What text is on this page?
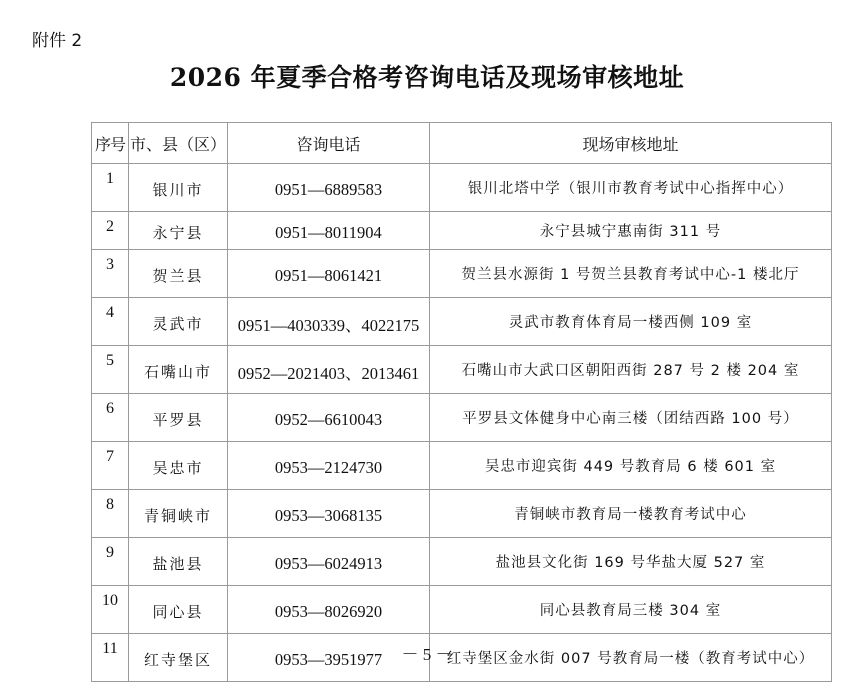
附件 2
2026 年夏季合格考咨询电话及现场审核地址
序号	市、县（区）	咨询电话	现场审核地址
1	银川市	0951—6889583	银川北塔中学（银川市教育考试中心指挥中心）
2	永宁县	0951—8011904	永宁县城宁惠南街 311 号
3	贺兰县	0951—8061421	贺兰县水源街 1 号贺兰县教育考试中心-1 楼北厅
4	灵武市	0951—4030339、4022175	灵武市教育体育局一楼西侧 109 室
5	石嘴山市	0952—2021403、2013461	石嘴山市大武口区朝阳西街 287 号 2 楼 204 室
6	平罗县	0952—6610043	平罗县文体健身中心南三楼（团结西路 100 号）
7	吴忠市	0953—2124730	吴忠市迎宾街 449 号教育局 6 楼 601 室
8	青铜峡市	0953—3068135	青铜峡市教育局一楼教育考试中心
9	盐池县	0953—6024913	盐池县文化街 169 号华盐大厦 527 室
10	同心县	0953—8026920	同心县教育局三楼 304 室
11	红寺堡区	0953—3951977	红寺堡区金水街 007 号教育局一楼（教育考试中心）
－ 5 －
